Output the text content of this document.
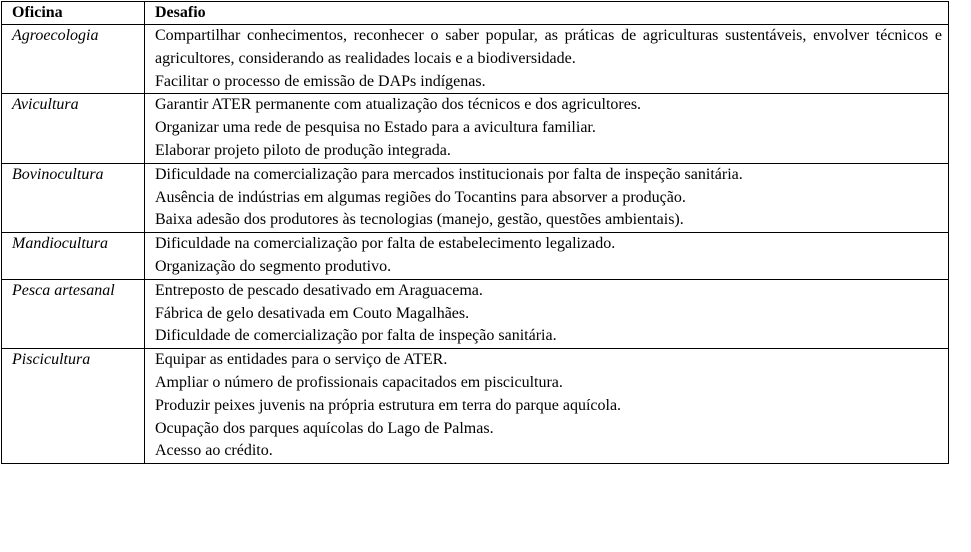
Oficina	Desafio
Agroecologia	Compartilhar conhecimentos, reconhecer o saber popular, as práticas de agriculturas sustentáveis, envolver técnicos e agricultores, considerando as realidades locais e a biodiversidade.
Facilitar o processo de emissão de DAPs indígenas.

Avicultura	Garantir ATER permanente com atualização dos técnicos e dos agricultores.
Organizar uma rede de pesquisa no Estado para a avicultura familiar.
Elaborar projeto piloto de produção integrada.

Bovinocultura	Dificuldade na comercialização para mercados institucionais por falta de inspeção sanitária.
Ausência de indústrias em algumas regiões do Tocantins para absorver a produção.
Baixa adesão dos produtores às tecnologias (manejo, gestão, questões ambientais).

Mandiocultura	Dificuldade na comercialização por falta de estabelecimento legalizado.
Organização do segmento produtivo.

Pesca artesanal	Entreposto de pescado desativado em Araguacema.
Fábrica de gelo desativada em Couto Magalhães.
Dificuldade de comercialização por falta de inspeção sanitária.

Piscicultura	Equipar as entidades para o serviço de ATER.
Ampliar o número de profissionais capacitados em piscicultura.
Produzir peixes juvenis na própria estrutura em terra do parque aquícola.
Ocupação dos parques aquícolas do Lago de Palmas.
Acesso ao crédito.
